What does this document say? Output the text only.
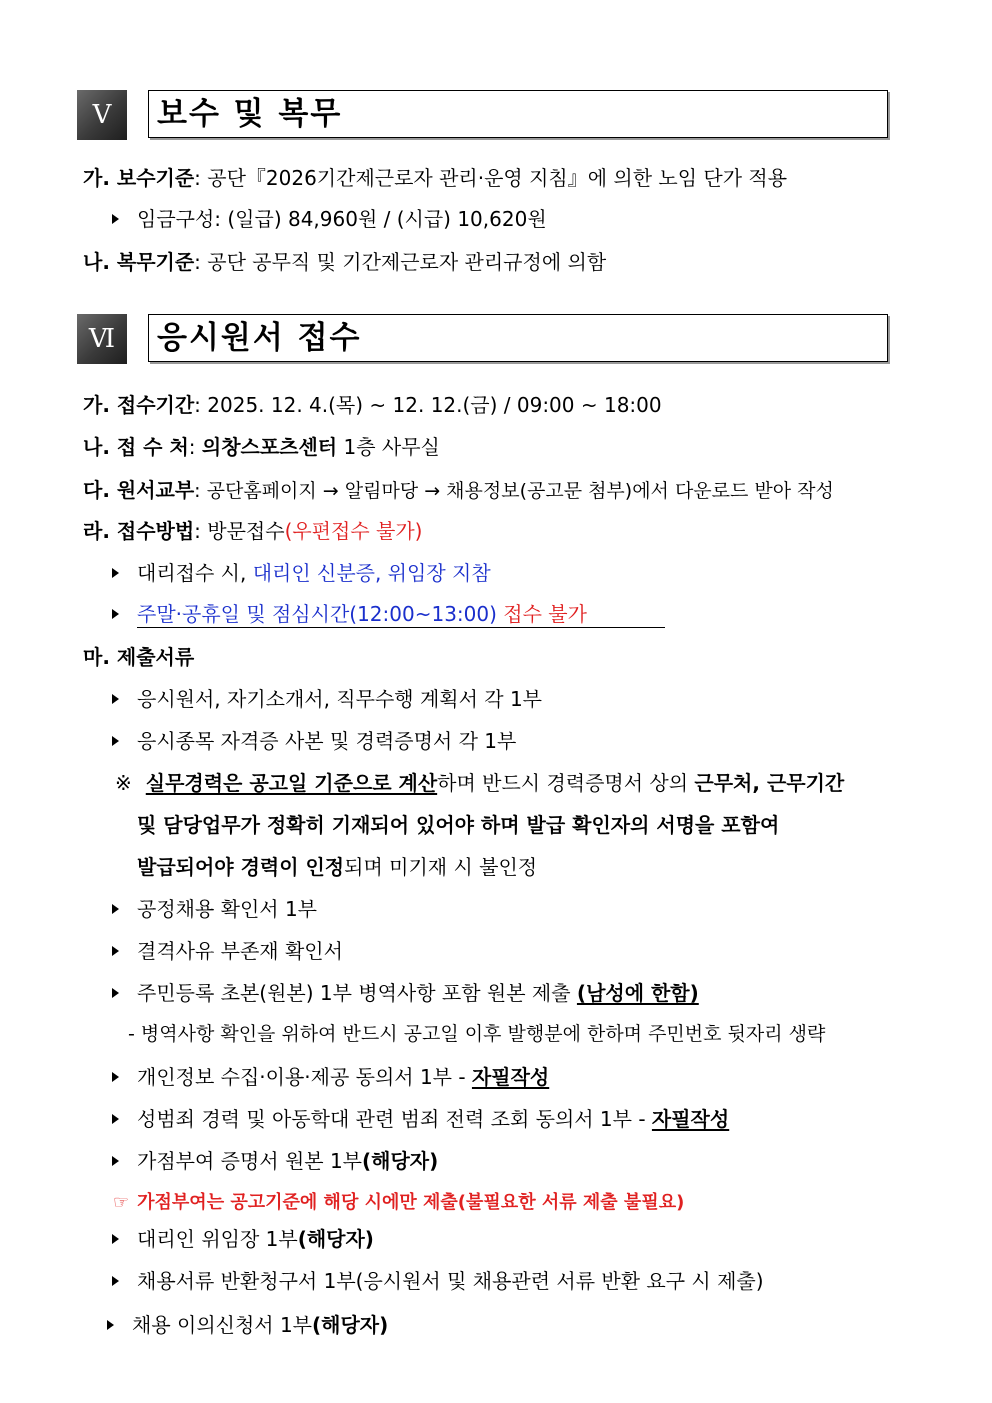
Ⅴ	보수 및 복무
가. 보수기준: 공단『2026기간제근로자 관리·운영 지침』에 의한 노임 단가 적용
임금구성: (일급) 84,960원 / (시급) 10,620원
나. 복무기준: 공단 공무직 및 기간제근로자 관리규정에 의함
Ⅵ	응시원서 접수
가. 접수기간: 2025. 12. 4.(목) ~ 12. 12.(금) / 09:00 ~ 18:00
나. 접 수 처: 의창스포츠센터 1층 사무실
다. 원서교부: 공단홈페이지 → 알림마당 → 채용정보(공고문 첨부)에서 다운로드 받아 작성
라. 접수방법: 방문접수(우편접수 불가)
대리접수 시, 대리인 신분증, 위임장 지참
주말·공휴일 및 점심시간(12:00~13:00) 접수 불가
마. 제출서류
응시원서, 자기소개서, 직무수행 계획서 각 1부
응시종목 자격증 사본 및 경력증명서 각 1부
※ 실무경력은 공고일 기준으로 계산하며 반드시 경력증명서 상의 근무처, 근무기간
및 담당업무가 정확히 기재되어 있어야 하며 발급 확인자의 서명을 포함여
발급되어야 경력이 인정되며 미기재 시 불인정
공정채용 확인서 1부
결격사유 부존재 확인서
주민등록 초본(원본) 1부 병역사항 포함 원본 제출 (남성에 한함)
- 병역사항 확인을 위하여 반드시 공고일 이후 발행분에 한하며 주민번호 뒷자리 생략
개인정보 수집·이용·제공 동의서 1부 - 자필작성
성범죄 경력 및 아동학대 관련 범죄 전력 조회 동의서 1부 - 자필작성
가점부여 증명서 원본 1부(해당자)
☞ 가점부여는 공고기준에 해당 시에만 제출(불필요한 서류 제출 불필요)
대리인 위임장 1부(해당자)
채용서류 반환청구서 1부(응시원서 및 채용관련 서류 반환 요구 시 제출)
채용 이의신청서 1부(해당자)
